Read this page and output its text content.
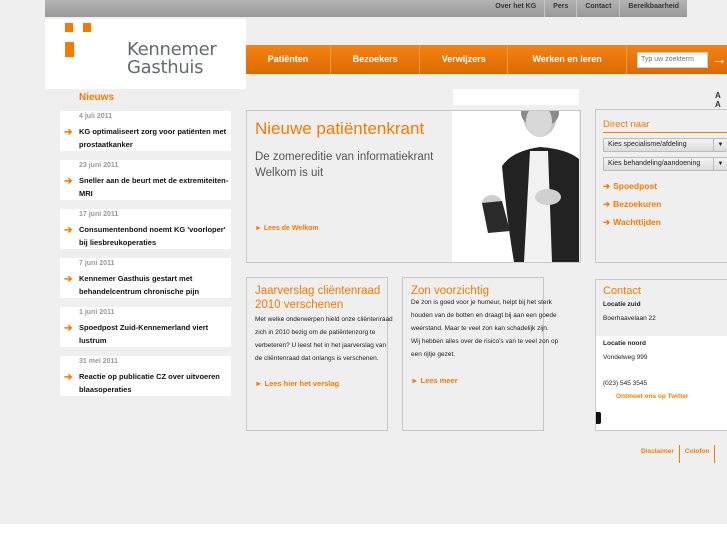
Over het KG	Pers	Contact	Bereikbaarheid
Kennemer
Gasthuis	Patiënten	Bezoekers	Verwijzers	Werken en leren
Typ uw zoekterm	→
Nieuws
4 juli 2011
➔ KG optimaliseert zorg voor patiënten met prostaatkanker
23 juni 2011
➔ Sneller aan de beurt met de extremiteiten-MRI
17 juni 2011
➔ Consumentenbond noemt KG 'voorloper' bij liesbreukoperaties
7 juni 2011
➔ Kennemer Gasthuis gestart met behandelcentrum chronische pijn
1 juni 2011
➔ Spoedpost Zuid-Kennemerland viert lustrum
31 mei 2011
➔ Reactie op publicatie CZ over uitvoeren blaasoperaties
Nieuwe patiëntenkrant
De zomereditie van informatiekrant Welkom is uit
► Lees de Welkom
Jaarverslag cliëntenraad 2010 verschenen
Met welke onderwerpen hield onze cliëntenraad zich in 2010 bezig om de patiëntenzorg te verbeteren? U leest het in het jaarverslag van de cliëntenraad dat onlangs is verschenen.
► Lees hier het verslag
Zon voorzichtig
De zon is goed voor je humeur, helpt bij het sterk houden van de botten en draagt bij aan een goede weerstand. Maar te veel zon kan schadelijk zijn. Wij hebben alles over de risico's van te veel zon op een rijtje gezet.
► Lees meer
A A
Direct naar
Kies specialisme/afdeling	▼
Kies behandeling/aandoening	▼
➔ Spoedpost
➔ Bezoekuren
➔ Wachttijden
Contact
Locatie zuid
Boerhaavelaan 22
Locatie noord
Vondelweg 999
(023) 545 3545
Ontmoet ons op Twitter
Disclaimer	Colofon
